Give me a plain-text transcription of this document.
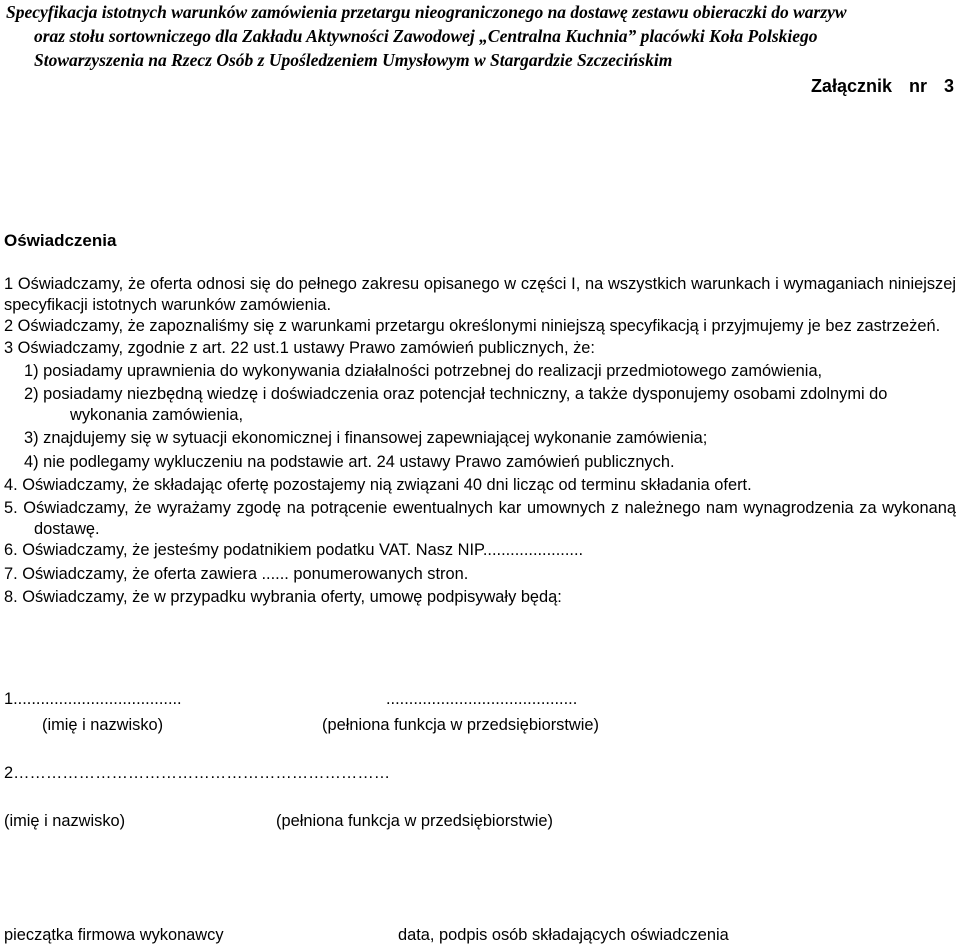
Specyfikacja istotnych warunków zamówienia przetargu nieograniczonego na dostawę zestawu obieraczki do warzyw
oraz stołu sortowniczego dla Zakładu Aktywności Zawodowej „Centralna Kuchnia” placówki Koła Polskiego
Stowarzyszenia na Rzecz Osób z Upośledzeniem Umysłowym w Stargardzie Szczecińskim
Załącznik nr 3
Oświadczenia

1 Oświadczamy, że oferta odnosi się do pełnego zakresu opisanego w części I, na wszystkich warunkach i wymaganiach niniejszej specyfikacji istotnych warunków zamówienia.

2 Oświadczamy, że zapoznaliśmy się z warunkami przetargu określonymi niniejszą specyfikacją i przyjmujemy je bez zastrzeżeń.

3 Oświadczamy, zgodnie z art. 22 ust.1 ustawy Prawo zamówień publicznych, że:

1) posiadamy uprawnienia do wykonywania działalności potrzebnej do realizacji przedmiotowego zamówienia,

2) posiadamy niezbędną wiedzę i doświadczenia oraz potencjał techniczny, a także dysponujemy osobami zdolnymi do wykonania zamówienia,

3) znajdujemy się w sytuacji ekonomicznej i finansowej zapewniającej wykonanie zamówienia;

4) nie podlegamy wykluczeniu na podstawie art. 24 ustawy Prawo zamówień publicznych.

4. Oświadczamy, że składając ofertę pozostajemy nią związani 40 dni licząc od terminu składania ofert.

5. Oświadczamy, że wyrażamy zgodę na potrącenie ewentualnych kar umownych z należnego nam wynagrodzenia za wykonaną dostawę.

6. Oświadczamy, że jesteśmy podatnikiem podatku VAT. Nasz NIP......................

7. Oświadczamy, że oferta zawiera ...... ponumerowanych stron.

8. Oświadczamy, że w przypadku wybrania oferty, umowę podpisywały będą:

1.....................................	..........................................
(imię i nazwisko)	(pełniona funkcja w przedsiębiorstwie)
2……………………………………………………………
(imię i nazwisko)	(pełniona funkcja w przedsiębiorstwie)
pieczątka firmowa wykonawcy	data, podpis osób składających oświadczenia
